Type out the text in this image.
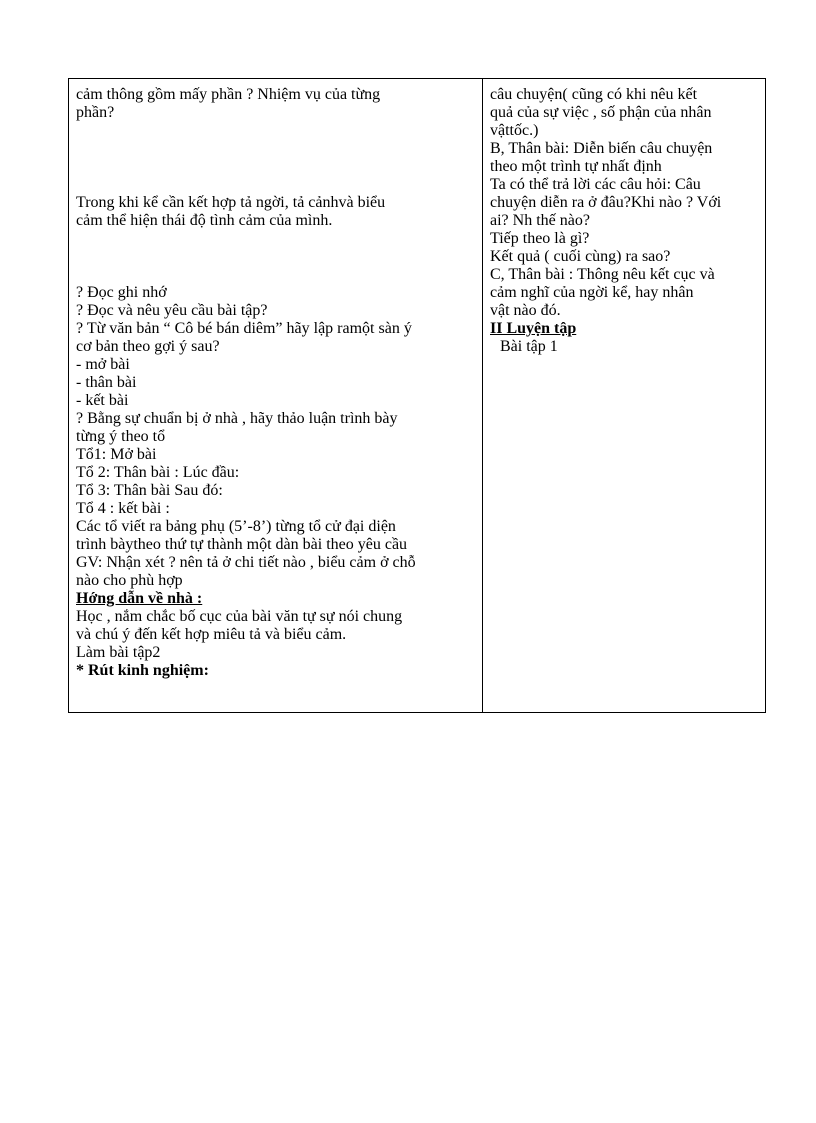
cảm thông gồm mấy phần ? Nhiệm vụ của từng

phần?

Trong khi kể cần kết hợp tả ngời, tả cảnhvà biểu

cảm thể hiện thái độ tình cảm của mình.

? Đọc ghi nhớ

? Đọc và nêu yêu cầu bài tập?

? Từ văn bản “ Cô bé bán diêm” hãy lập ramột sàn ý

cơ bản theo gợi ý sau?

- mở bài

- thân bài

- kết bài

? Bằng sự chuẩn bị ở nhà , hãy thảo luận trình bày

từng ý theo tổ

Tổ1: Mở bài

Tổ 2: Thân bài : Lúc đầu:

Tổ 3: Thân bài Sau đó:

Tổ 4 : kết bài :

Các tổ viết ra bảng phụ (5’-8’) từng tổ cử đại diện

trình bàytheo thứ tự thành một dàn bài theo yêu cầu

GV: Nhận xét ? nên tả ở chi tiết nào , biểu cảm ở chỗ

nào cho phù hợp

Hớng dẫn về nhà :

Học , nắm chắc bố cục của bài văn tự sự nói chung

và chú ý đến kết hợp miêu tả và biểu cảm.

Làm bài tập2

* Rút kinh nghiệm:

câu chuyện( cũng có khi nêu kết

quả của sự việc , số phận của nhân

vậttốc.)

B, Thân bài: Diễn biến câu chuyện

theo một trình tự nhất định

Ta có thể trả lời các câu hỏi: Câu

chuyện diễn ra ở đâu?Khi nào ? Với

ai? Nh thế nào?

Tiếp theo là gì?

Kết quả ( cuối cùng) ra sao?

C, Thân bài : Thông nêu kết cục và

cảm nghĩ của ngời kể, hay nhân

vật nào đó.

II Luyện tập

Bài tập 1
